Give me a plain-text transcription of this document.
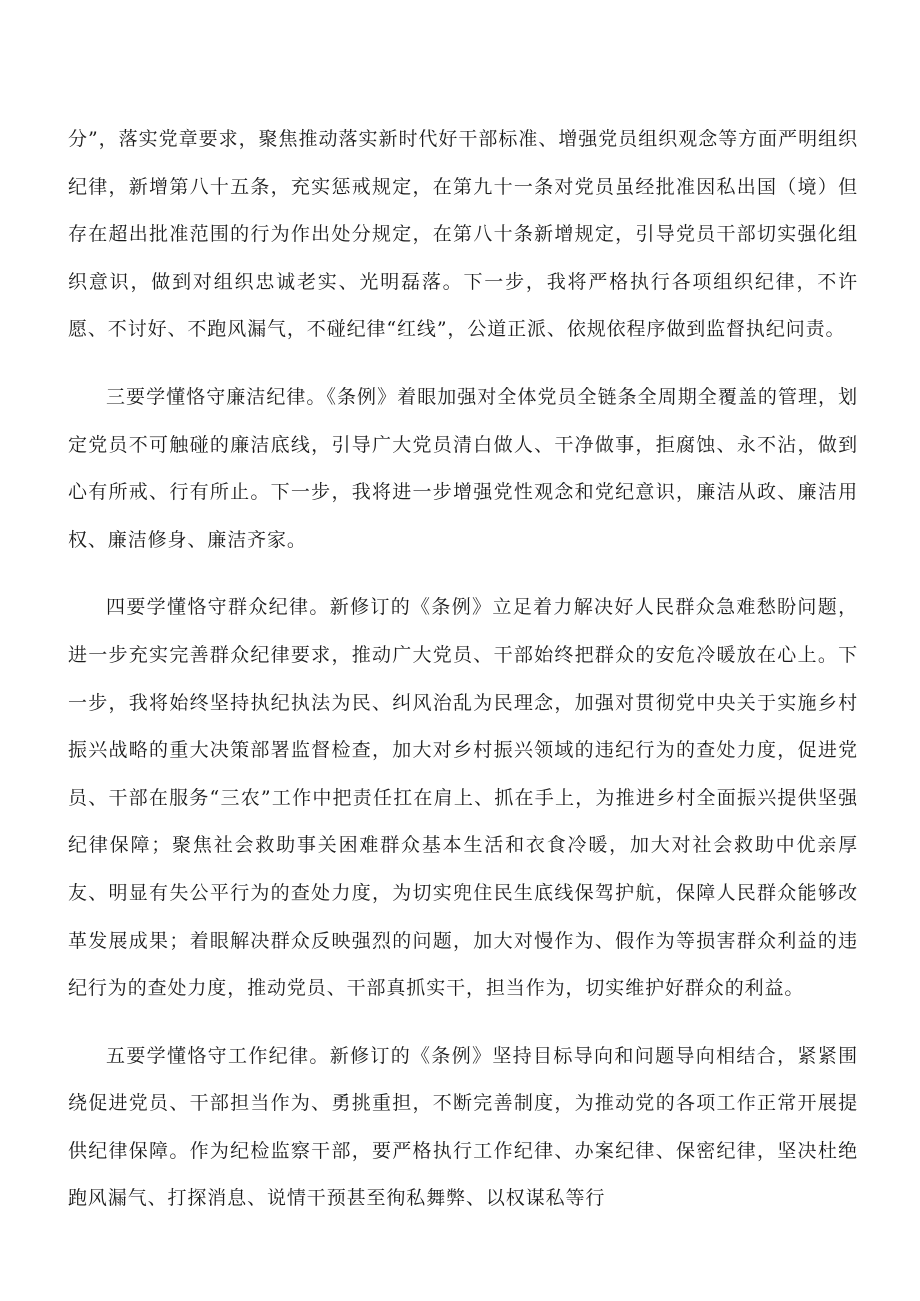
分”，落实党章要求，聚焦推动落实新时代好干部标准、增强党员组织观念等方面严明组织纪律，新增第八十五条，充实惩戒规定，在第九十一条对党员虽经批准因私出国（境）但存在超出批准范围的行为作出处分规定，在第八十条新增规定，引导党员干部切实强化组织意识，做到对组织忠诚老实、光明磊落。下一步，我将严格执行各项组织纪律，不许愿、不讨好、不跑风漏气，不碰纪律“红线”，公道正派、依规依程序做到监督执纪问责。

三要学懂恪守廉洁纪律。《条例》着眼加强对全体党员全链条全周期全覆盖的管理，划定党员不可触碰的廉洁底线，引导广大党员清白做人、干净做事，拒腐蚀、永不沾，做到心有所戒、行有所止。下一步，我将进一步增强党性观念和党纪意识，廉洁从政、廉洁用权、廉洁修身、廉洁齐家。

四要学懂恪守群众纪律。新修订的《条例》立足着力解决好人民群众急难愁盼问题，进一步充实完善群众纪律要求，推动广大党员、干部始终把群众的安危冷暖放在心上。下一步，我将始终坚持执纪执法为民、纠风治乱为民理念，加强对贯彻党中央关于实施乡村振兴战略的重大决策部署监督检查，加大对乡村振兴领域的违纪行为的查处力度，促进党员、干部在服务“三农”工作中把责任扛在肩上、抓在手上，为推进乡村全面振兴提供坚强纪律保障；聚焦社会救助事关困难群众基本生活和衣食冷暖，加大对社会救助中优亲厚友、明显有失公平行为的查处力度，为切实兜住民生底线保驾护航，保障人民群众能够改革发展成果；着眼解决群众反映强烈的问题，加大对慢作为、假作为等损害群众利益的违纪行为的查处力度，推动党员、干部真抓实干，担当作为，切实维护好群众的利益。

五要学懂恪守工作纪律。新修订的《条例》坚持目标导向和问题导向相结合，紧紧围绕促进党员、干部担当作为、勇挑重担，不断完善制度，为推动党的各项工作正常开展提供纪律保障。作为纪检监察干部，要严格执行工作纪律、办案纪律、保密纪律，坚决杜绝跑风漏气、打探消息、说情干预甚至徇私舞弊、以权谋私等行
